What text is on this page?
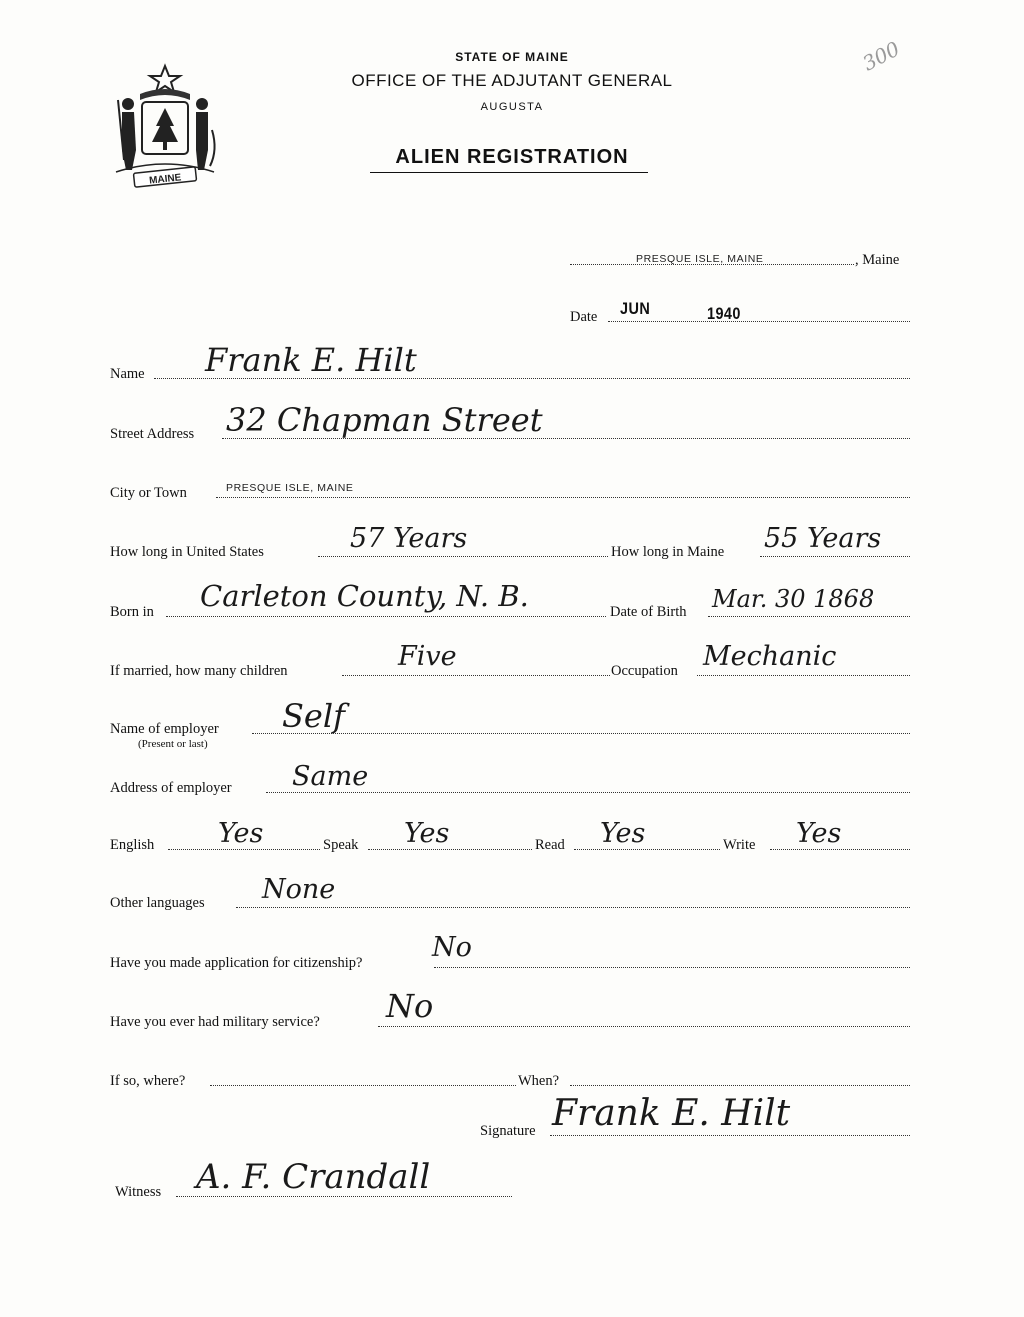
MAINE
300
STATE OF MAINE
OFFICE OF THE ADJUTANT GENERAL
AUGUSTA
ALIEN REGISTRATION
PRESQUE ISLE, MAINE	, Maine
Date JUN	1940
Name Frank E. Hilt
Street Address 32 Chapman Street
City or Town	PRESQUE ISLE, MAINE
How long in United States	57 Years	How long in Maine 55 Years
Born in Carleton County, N. B.	Date of Birth Mar. 30 1868
If married, how many children	Five	Occupation Mechanic
Name of employer
(Present or last)
Self
Address of employer Same
English Yes	Speak Yes	Read Yes	Write Yes
Other languages None
Have you made application for citizenship?	No
Have you ever had military service? No
If so, where?	When?
Signature Frank E. Hilt
Witness A. F. Crandall
